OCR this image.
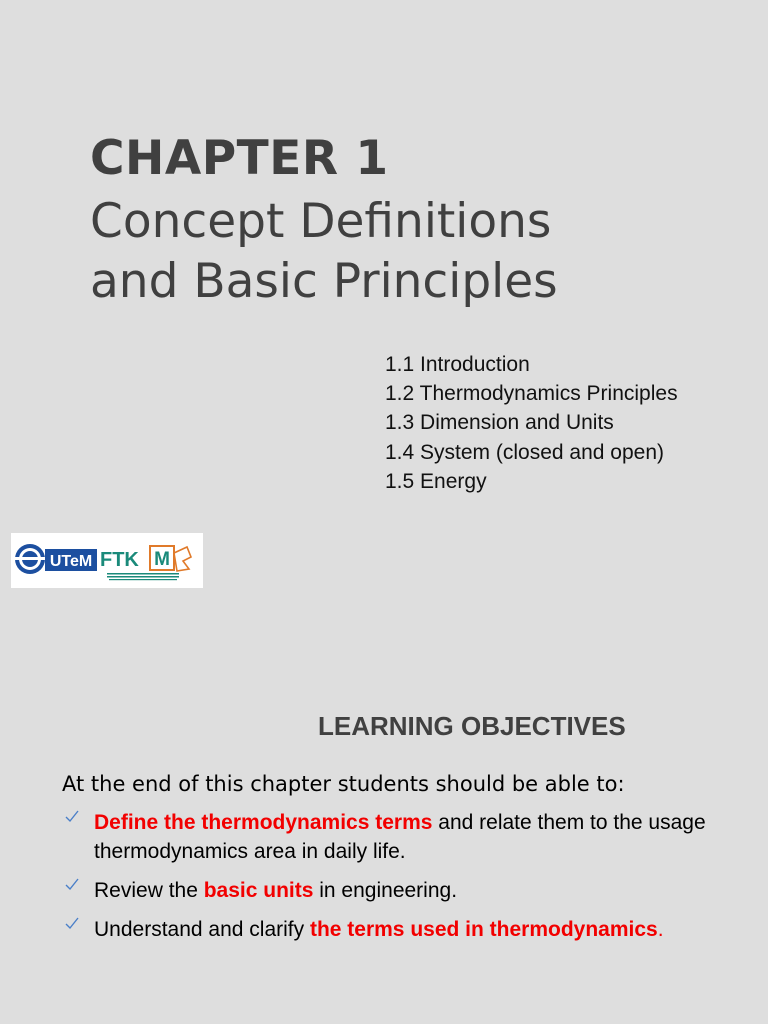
CHAPTER 1
Concept Definitions
and Basic Principles
1.1 Introduction
1.2 Thermodynamics Principles
1.3 Dimension and Units
1.4 System (closed and open)
1.5 Energy
UTeM FTK M
LEARNING OBJECTIVES

At the end of this chapter students should be able to:

Define the thermodynamics terms and relate them to the usage thermodynamics area in daily life.
Review the basic units in engineering.
Understand and clarify the terms used in thermodynamics.
